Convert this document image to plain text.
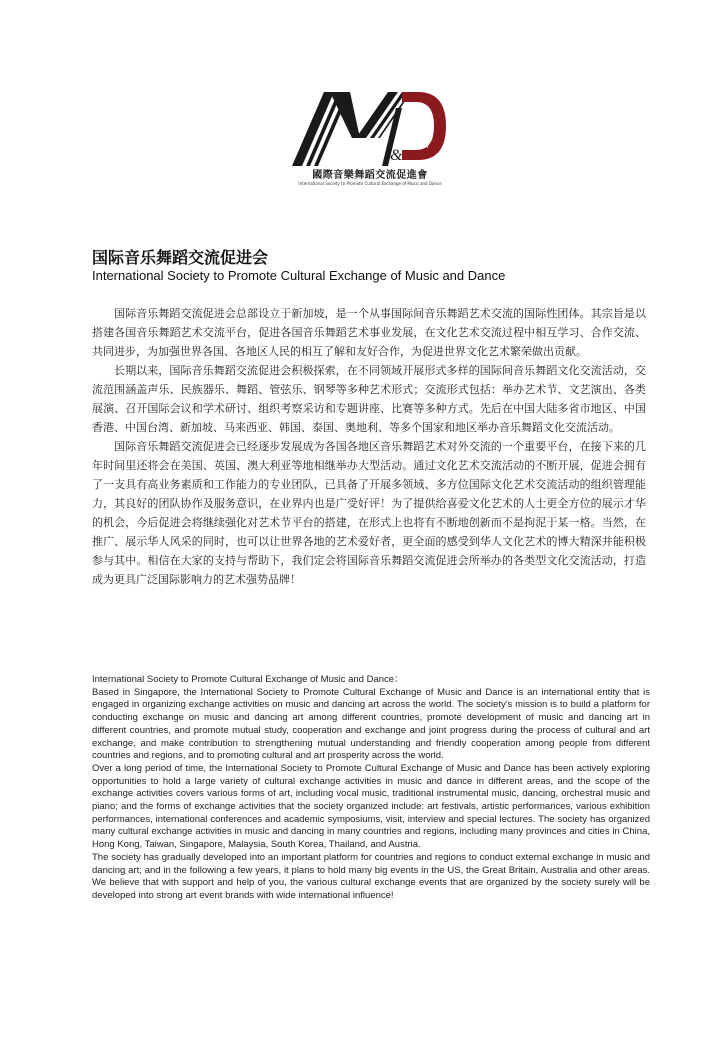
&
國際音樂舞蹈交流促進會
International Society to Promote Cultural Exchange of Music and Dance
国际音乐舞蹈交流促进会
International Society to Promote Cultural Exchange of Music and Dance

国际音乐舞蹈交流促进会总部设立于新加坡，是一个从事国际间音乐舞蹈艺术交流的国际性团体。其宗旨是以搭建各国音乐舞蹈艺术交流平台，促进各国音乐舞蹈艺术事业发展，在文化艺术交流过程中相互学习、合作交流、共同进步，为加强世界各国、各地区人民的相互了解和友好合作，为促进世界文化艺术繁荣做出贡献。

长期以来，国际音乐舞蹈交流促进会积极探索，在不同领域开展形式多样的国际间音乐舞蹈文化交流活动，交流范围涵盖声乐、民族器乐、舞蹈、管弦乐、钢琴等多种艺术形式；交流形式包括：举办艺术节、文艺演出、各类展演、召开国际会议和学术研讨、组织考察采访和专题讲座、比赛等多种方式。先后在中国大陆多省市地区、中国香港、中国台湾、新加坡、马来西亚、韩国、泰国、奥地利、等多个国家和地区举办音乐舞蹈文化交流活动。

国际音乐舞蹈交流促进会已经逐步发展成为各国各地区音乐舞蹈艺术对外交流的一个重要平台，在接下来的几年时间里还将会在美国、英国、澳大利亚等地相继举办大型活动。通过文化艺术交流活动的不断开展，促进会拥有了一支具有高业务素质和工作能力的专业团队，已具备了开展多领域、多方位国际文化艺术交流活动的组织管理能力，其良好的团队协作及服务意识，在业界内也是广受好评！为了提供给喜爱文化艺术的人士更全方位的展示才华的机会，今后促进会将继续强化对艺术节平台的搭建，在形式上也将有不断地创新而不是拘泥于某一格。当然，在推广、展示华人风采的同时，也可以让世界各地的艺术爱好者，更全面的感受到华人文化艺术的博大精深并能积极参与其中。相信在大家的支持与帮助下，我们定会将国际音乐舞蹈交流促进会所举办的各类型文化交流活动，打造成为更具广泛国际影响力的艺术强势品牌！

International Society to Promote Cultural Exchange of Music and Dance：

Based in Singapore, the International Society to Promote Cultural Exchange of Music and Dance is an international entity that is engaged in organizing exchange activities on music and dancing art across the world. The society's mission is to build a platform for conducting exchange on music and dancing art among different countries, promote development of music and dancing art in different countries, and promote mutual study, cooperation and exchange and joint progress during the process of cultural and art exchange, and make contribution to strengthening mutual understanding and friendly cooperation among people from different countries and regions, and to promoting cultural and art prosperity across the world.

Over a long period of time, the International Society to Promote Cultural Exchange of Music and Dance has been actively exploring opportunities to hold a large variety of cultural exchange activities in music and dance in different areas, and the scope of the exchange activities covers various forms of art, including vocal music, traditional instrumental music, dancing, orchestral music and piano; and the forms of exchange activities that the society organized include: art festivals, artistic performances, various exhibition performances, international conferences and academic symposiums, visit, interview and special lectures. The society has organized many cultural exchange activities in music and dancing in many countries and regions, including many provinces and cities in China, Hong Kong, Taiwan, Singapore, Malaysia, South Korea, Thailand, and Austria.

The society has gradually developed into an important platform for countries and regions to conduct external exchange in music and dancing art; and in the following a few years, it plans to hold many big events in the US, the Great Britain, Australia and other areas. We believe that with support and help of you, the various cultural exchange events that are organized by the society surely will be developed into strong art event brands with wide international influence!
